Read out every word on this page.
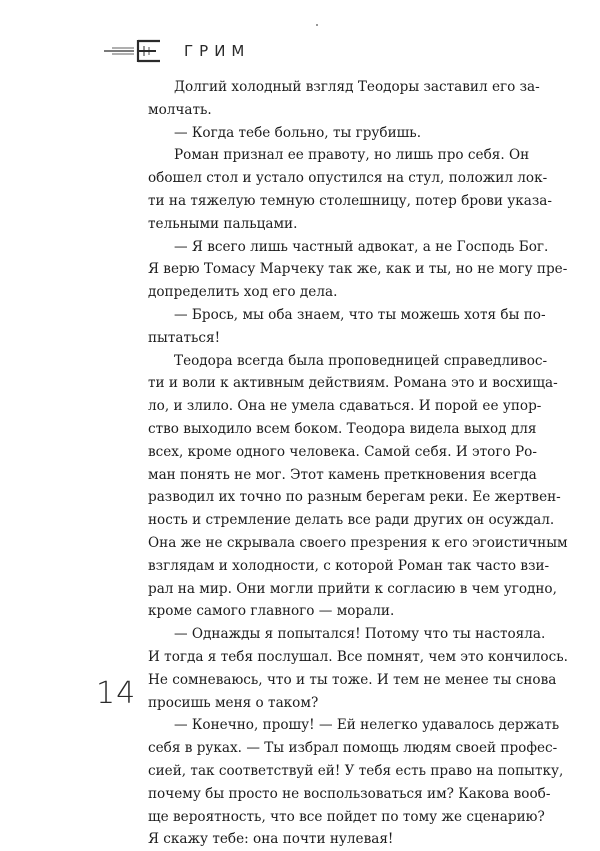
ГРИМ
Долгий холодный взгляд Теодоры заставил его за-
молчать.
— Когда тебе больно, ты грубишь.
Роман признал ее правоту, но лишь про себя. Он
обошел стол и устало опустился на стул, положил лок-
ти на тяжелую темную столешницу, потер брови указа-
тельными пальцами.
— Я всего лишь частный адвокат, а не Господь Бог.
Я верю Томасу Марчеку так же, как и ты, но не могу пре-
допределить ход его дела.
— Брось, мы оба знаем, что ты можешь хотя бы по-
пытаться!
Теодора всегда была проповедницей справедливос-
ти и воли к активным действиям. Романа это и восхища-
ло, и злило. Она не умела сдаваться. И порой ее упор-
ство выходило всем боком. Теодора видела выход для
всех, кроме одного человека. Самой себя. И этого Ро-
ман понять не мог. Этот камень преткновения всегда
разводил их точно по разным берегам реки. Ее жертвен-
ность и стремление делать все ради других он осуждал.
Она же не скрывала своего презрения к его эгоистичным
взглядам и холодности, с которой Роман так часто взи-
рал на мир. Они могли прийти к согласию в чем угодно,
кроме самого главного — морали.
— Однажды я попытался! Потому что ты настояла.
И тогда я тебя послушал. Все помнят, чем это кончилось.
Не сомневаюсь, что и ты тоже. И тем не менее ты снова
просишь меня о таком?
— Конечно, прошу! — Ей нелегко удавалось держать
себя в руках. — Ты избрал помощь людям своей профес-
сией, так соответствуй ей! У тебя есть право на попытку,
почему бы просто не воспользоваться им? Какова вооб-
ще вероятность, что все пойдет по тому же сценарию?
Я скажу тебе: она почти нулевая!
14
